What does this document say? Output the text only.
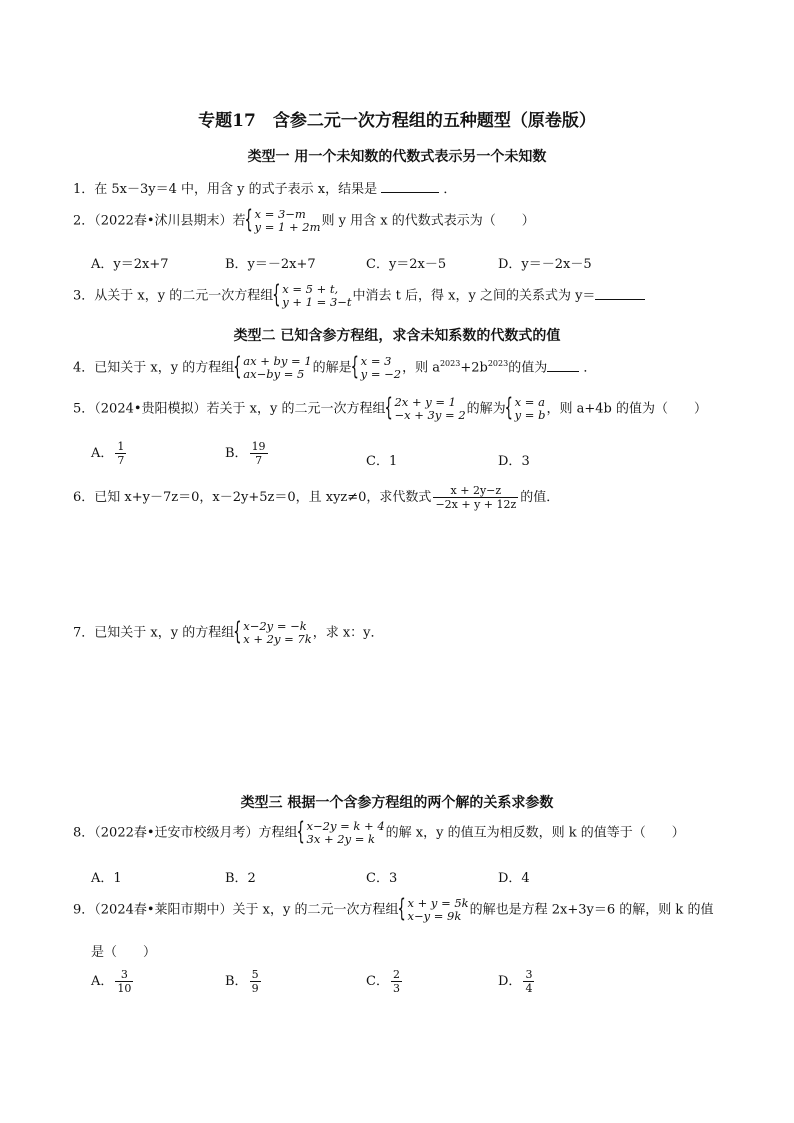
专题17　含参二元一次方程组的五种题型（原卷版）
类型一 用一个未知数的代数式表示另一个未知数
1．在 5x－3y＝4 中，用含 y 的式子表示 x，结果是	．
2．（2022春•沭川县期末）若 { x = 3−m
y = 1 + 2m 则 y 用含 x 的代数式表示为（　　）
A．y＝2x+7	B．y＝－2x+7	C．y＝2x－5	D．y＝－2x－5
3．从关于 x，y 的二元一次方程组 { x = 5 + t,
y + 1 = 3−t 中消去 t 后，得 x，y 之间的关系式为 y＝
类型二 已知含参方程组，求含未知系数的代数式的值
4．已知关于 x，y 的方程组 { ax + by = 1
ax−by = 5 的解是 { x = 3
y = −2 ，则 $a^{2023}+2b^{2023}$的值为	．
5．（2024•贵阳模拟）若关于 x，y 的二元一次方程组 { 2x + y = 1
−x + 3y = 2 的解为 { x = a
y = b ，则 a+4b 的值为（　　）
A． $\frac{1}{7}$	B． $\frac{19}{7}$	C．1	D．3
6．已知 x+y－7z＝0，x－2y+5z＝0，且 xyz≠0，求代数式 $\frac{x + 2y-z}{-2x + y + 12z}$ 的值．
7．已知关于 x，y 的方程组 { x−2y = −k
x + 2y = 7k ，求 x：y．
类型三 根据一个含参方程组的两个解的关系求参数
8．（2022春•迁安市校级月考）方程组 { x−2y = k + 4
3x + 2y = k 的解 x，y 的值互为相反数，则 k 的值等于（　　）
A．1	B．2	C．3	D．4
9．（2024春•莱阳市期中）关于 x，y 的二元一次方程组 { x + y = 5k
x−y = 9k 的解也是方程 2x+3y＝6 的解，则 k 的值
是（　　）
A． $\frac{3}{10}$	B． $\frac{5}{9}$	C． $\frac{2}{3}$	D． $\frac{3}{4}$
